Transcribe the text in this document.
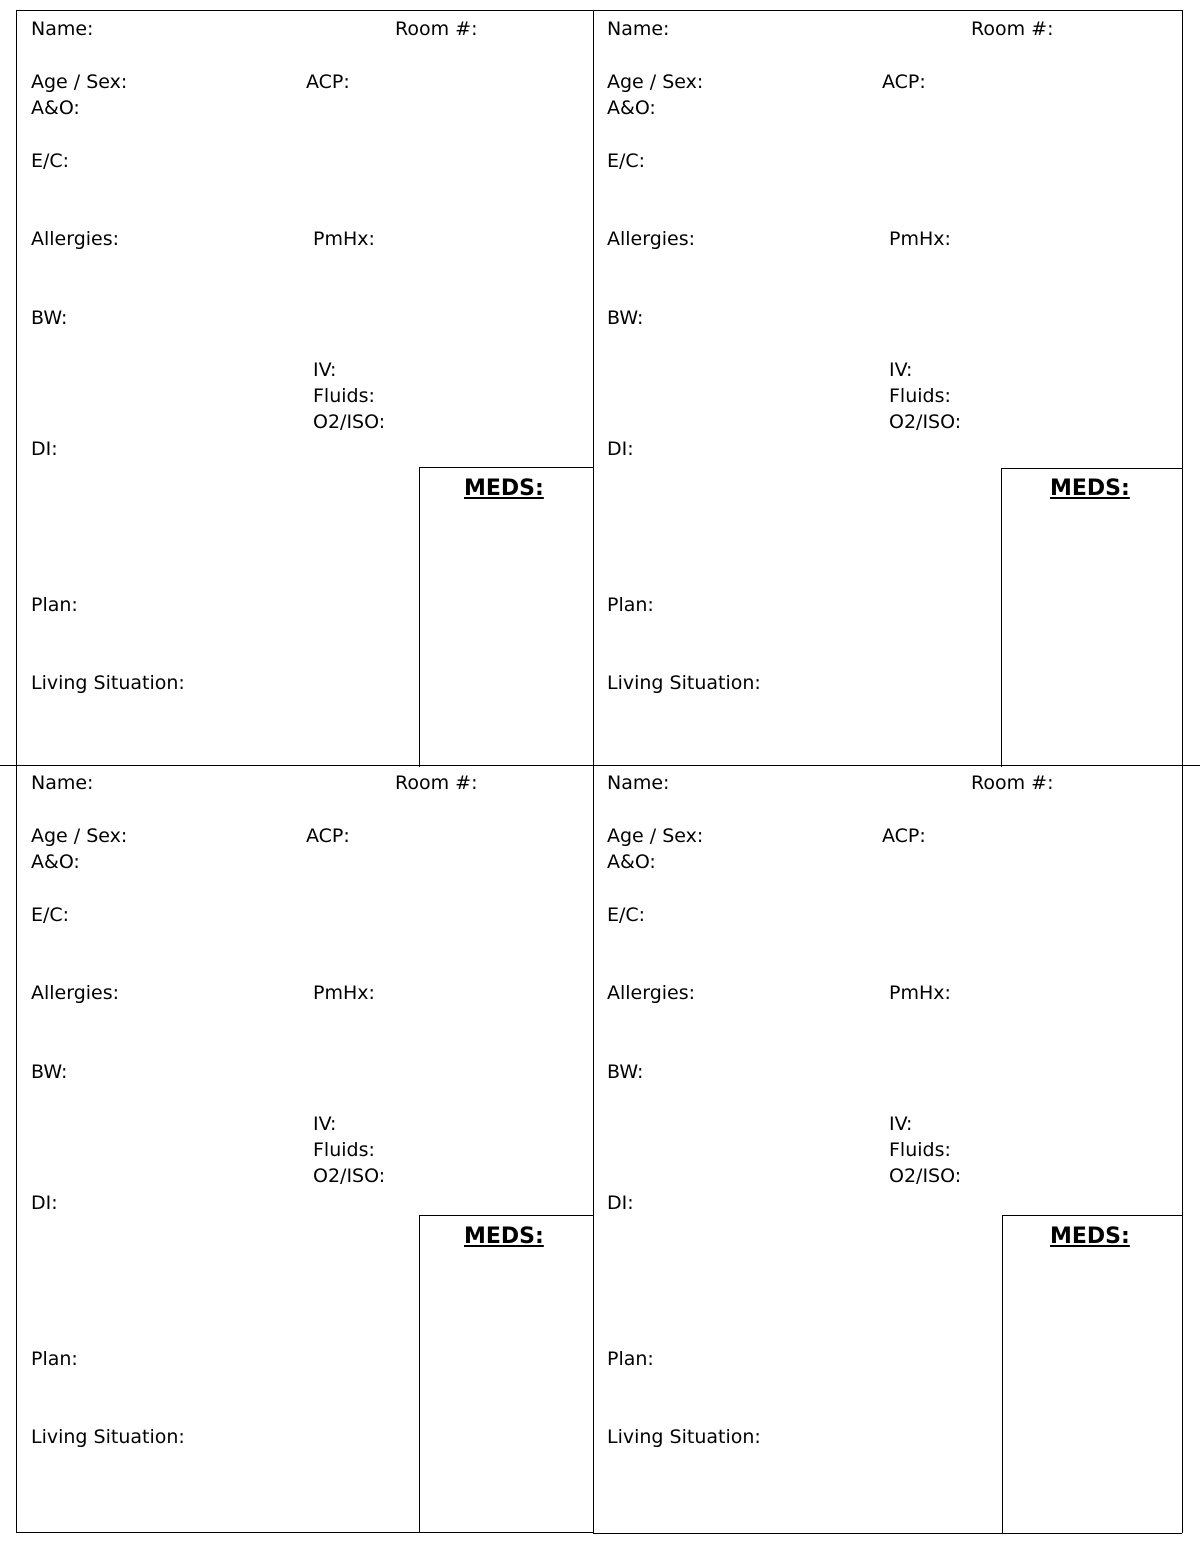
Name:	Room #:
Age / Sex:	ACP:
A&O:
E/C:
Allergies:	PmHx:
BW:
IV:
Fluids:
O2/ISO:
DI:
MEDS:
Plan:
Living Situation:
Name:	Room #:
Age / Sex:	ACP:
A&O:
E/C:
Allergies:	PmHx:
BW:
IV:
Fluids:
O2/ISO:
DI:
MEDS:
Plan:
Living Situation:
Name:	Room #:
Age / Sex:	ACP:
A&O:
E/C:
Allergies:	PmHx:
BW:
IV:
Fluids:
O2/ISO:
DI:
MEDS:
Plan:
Living Situation:
Name:	Room #:
Age / Sex:	ACP:
A&O:
E/C:
Allergies:	PmHx:
BW:
IV:
Fluids:
O2/ISO:
DI:
MEDS:
Plan:
Living Situation:
